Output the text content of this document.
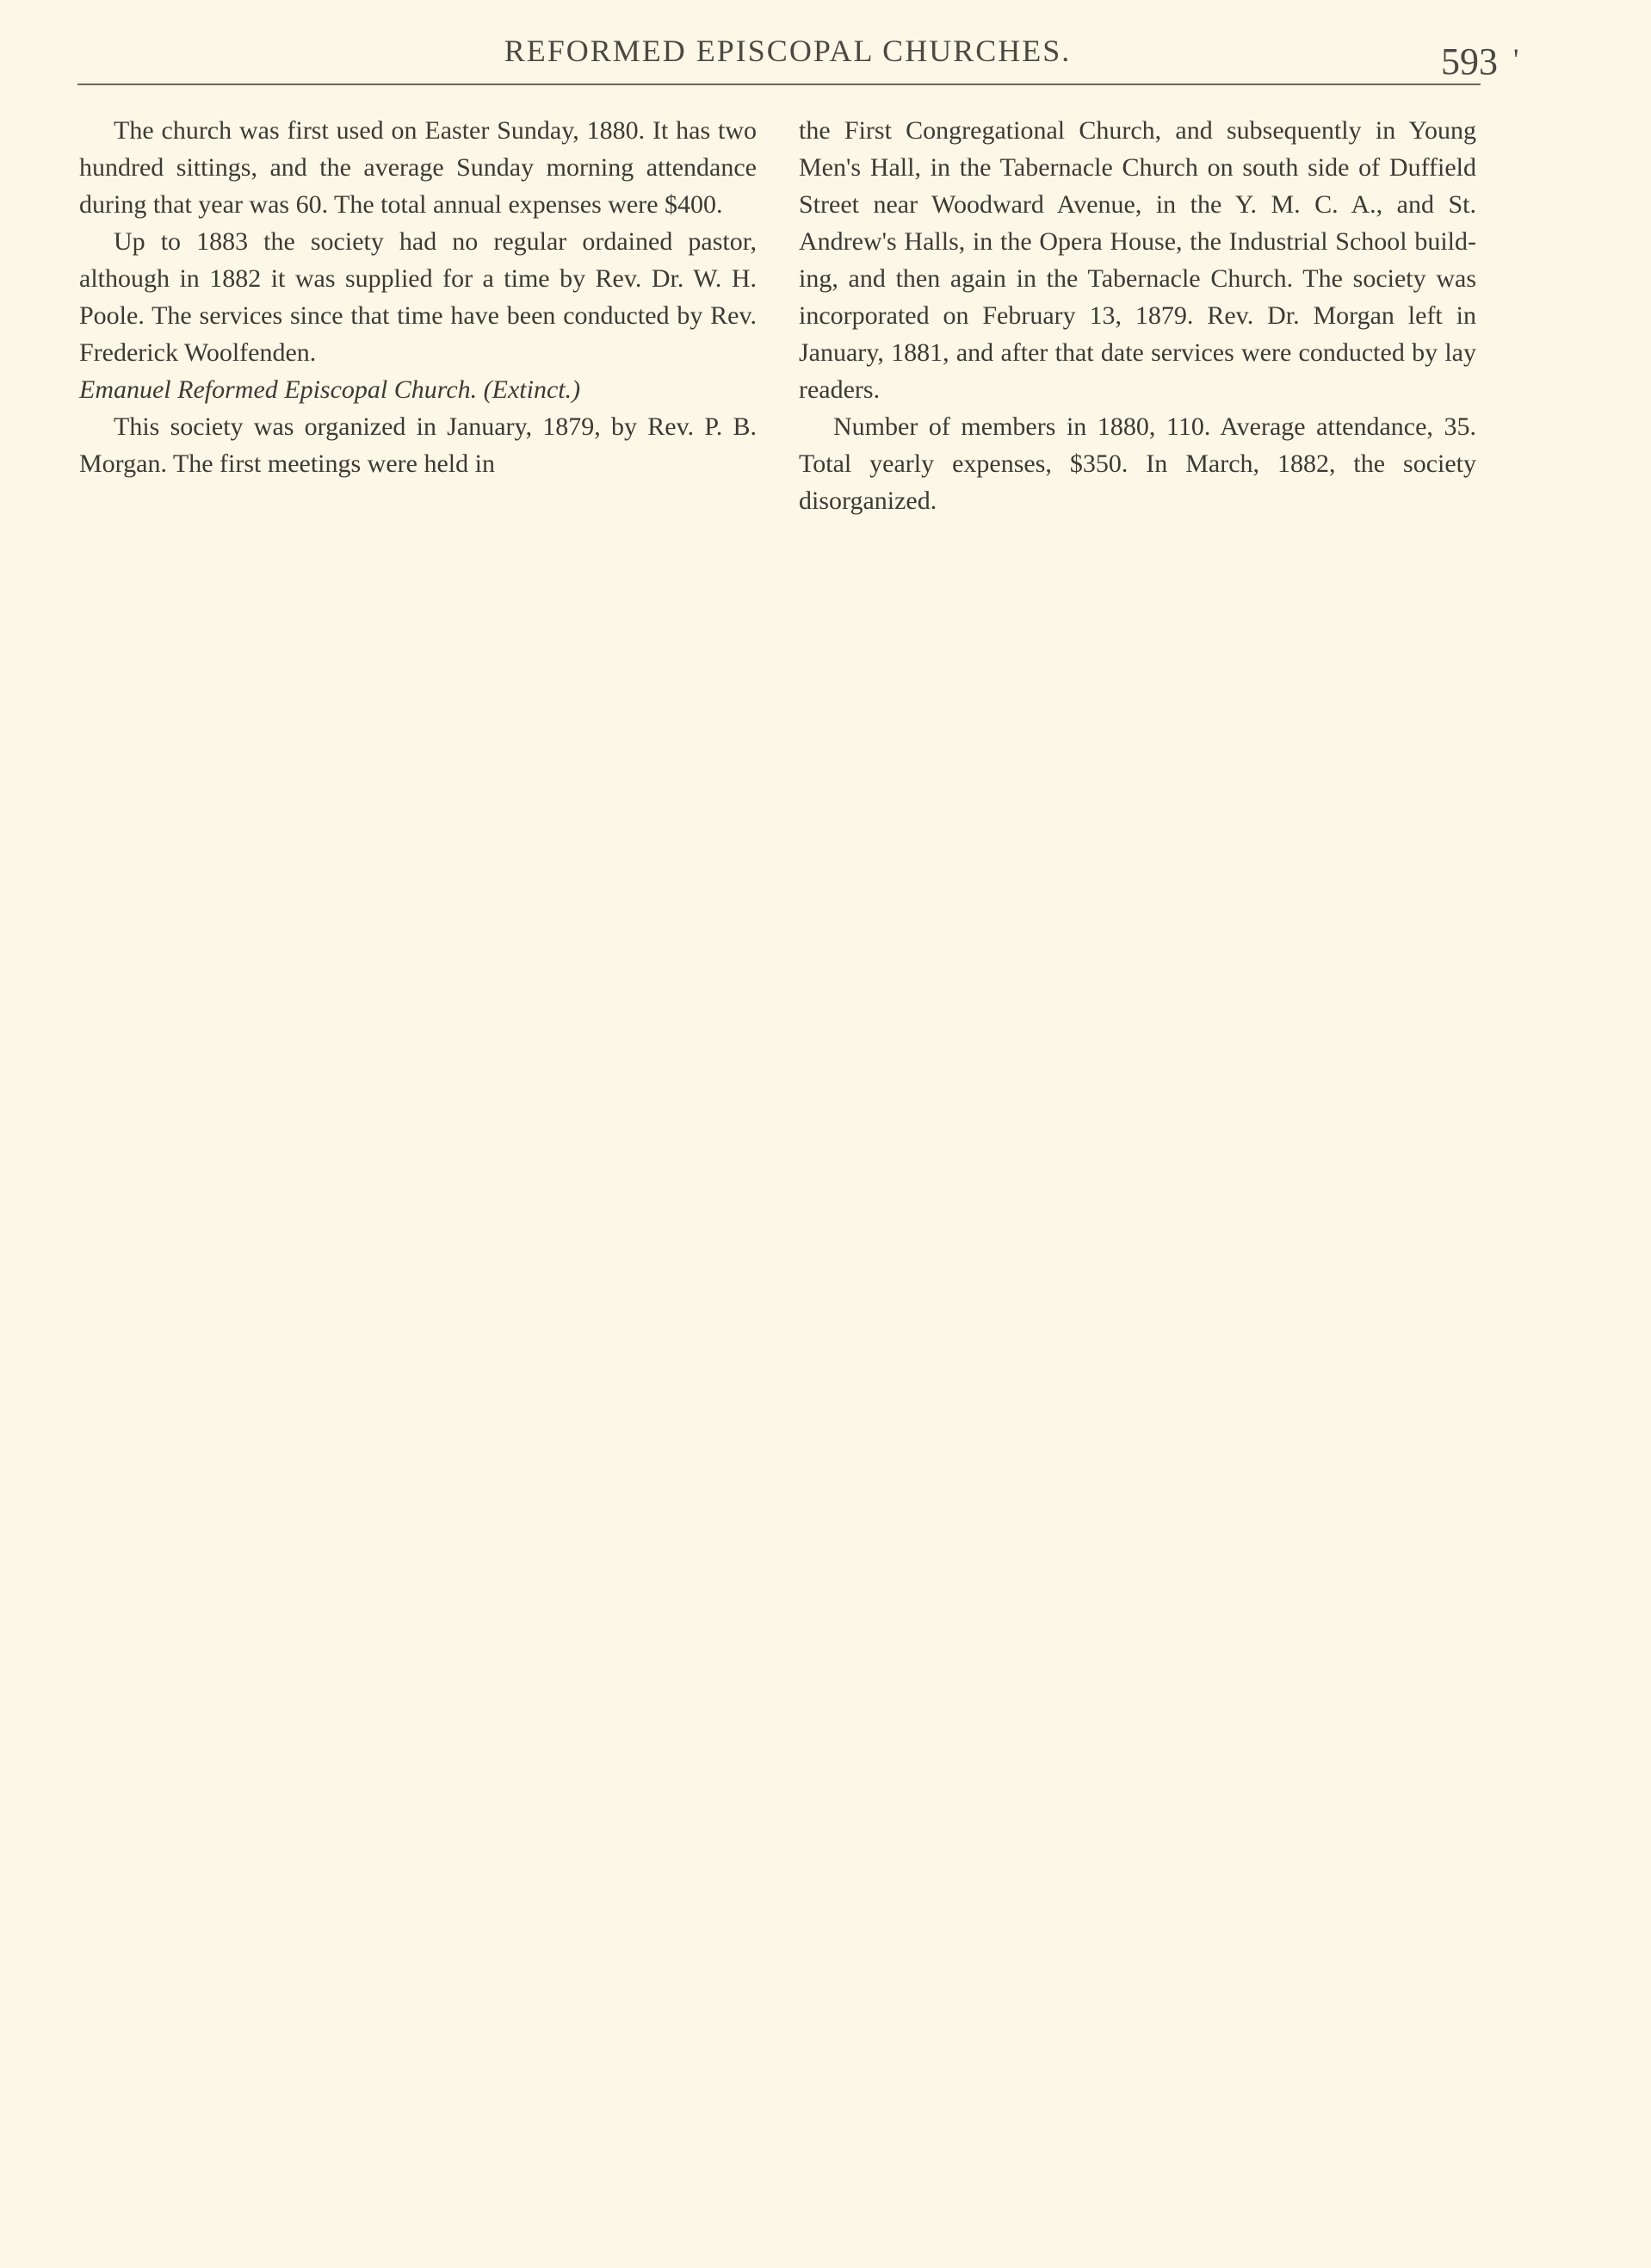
REFORMED EPISCOPAL CHURCHES.	593 '

The church was first used on Easter Sunday, 1880. It has two hundred sittings, and the average Sunday morning attendance during that year was 60. The total annual expenses were $400.

Up to 1883 the society had no regular ordained pastor, although in 1882 it was supplied for a time by Rev. Dr. W. H. Poole. The services since that time have been conducted by Rev. Frederick Woolfenden.

Emanuel Reformed Episcopal Church. (Extinct.)

This society was organized in January, 1879, by Rev. P. B. Morgan. The first meetings were held in

the First Congregational Church, and subsequently in Young Men's Hall, in the Tabernacle Church on south side of Duffield Street near Woodward Avenue, in the Y. M. C. A., and St. Andrew's Halls, in the Opera House, the Industrial School building, and then again in the Tabernacle Church. The society was incorporated on February 13, 1879. Rev. Dr. Morgan left in January, 1881, and after that date services were conducted by lay readers.

Number of members in 1880, 110. Average attendance, 35. Total yearly expenses, $350. In March, 1882, the society disorganized.
